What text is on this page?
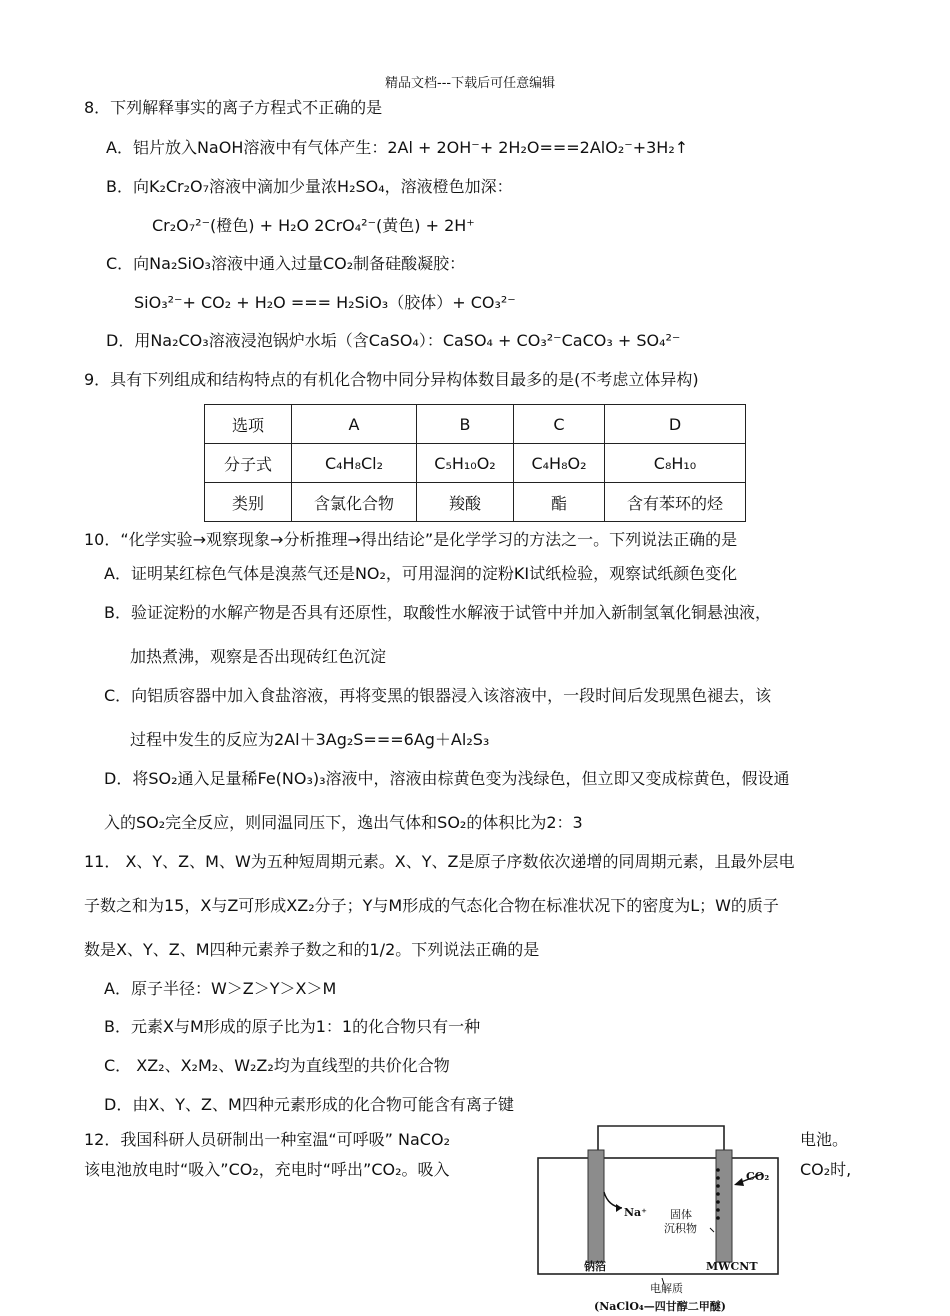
精品文档---下载后可任意编辑
8．下列解释事实的离子方程式不正确的是
A．铝片放入NaOH溶液中有气体产生：2Al + 2OH⁻+ 2H₂O===2AlO₂⁻+3H₂↑
B．向K₂Cr₂O₇溶液中滴加少量浓H₂SO₄，溶液橙色加深：
Cr₂O₇²⁻(橙色) + H₂O 2CrO₄²⁻(黄色) + 2H⁺
C．向Na₂SiO₃溶液中通入过量CO₂制备硅酸凝胶：
SiO₃²⁻+ CO₂ + H₂O === H₂SiO₃（胶体）+ CO₃²⁻
D．用Na₂CO₃溶液浸泡锅炉水垢（含CaSO₄）：CaSO₄ + CO₃²⁻CaCO₃ + SO₄²⁻
9．具有下列组成和结构特点的有机化合物中同分异构体数目最多的是(不考虑立体异构)
选项	A	B	C	D
分子式	C₄H₈Cl₂	C₅H₁₀O₂	C₄H₈O₂	C₈H₁₀
类别	含氯化合物	羧酸	酯	含有苯环的烃
10．“化学实验→观察现象→分析推理→得出结论”是化学学习的方法之一。下列说法正确的是
A．证明某红棕色气体是溴蒸气还是NO₂，可用湿润的淀粉KI试纸检验，观察试纸颜色变化
B．验证淀粉的水解产物是否具有还原性，取酸性水解液于试管中并加入新制氢氧化铜悬浊液，
加热煮沸，观察是否出现砖红色沉淀
C．向铝质容器中加入食盐溶液，再将变黑的银器浸入该溶液中，一段时间后发现黑色褪去，该
过程中发生的反应为2Al＋3Ag₂S===6Ag＋Al₂S₃
D．将SO₂通入足量稀Fe(NO₃)₃溶液中，溶液由棕黄色变为浅绿色，但立即又变成棕黄色，假设通
入的SO₂完全反应，则同温同压下，逸出气体和SO₂的体积比为2：3
11． X、Y、Z、M、W为五种短周期元素。X、Y、Z是原子序数依次递增的同周期元素，且最外层电
子数之和为15，X与Z可形成XZ₂分子；Y与M形成的气态化合物在标准状况下的密度为L；W的质子
数是X、Y、Z、M四种元素养子数之和的1/2。下列说法正确的是
A．原子半径：W＞Z＞Y＞X＞M
B．元素X与M形成的原子比为1：1的化合物只有一种
C． XZ₂、X₂M₂、W₂Z₂均为直线型的共价化合物
D．由X、Y、Z、M四种元素形成的化合物可能含有离子键
12．我国科研人员研制出一种室温“可呼吸” NaCO₂	电池。
该电池放电时“吸入”CO₂，充电时“呼出”CO₂。吸入	CO₂时,
Na⁺
CO₂
固体
沉积物
钠箔	MWCNT
电解质
(NaClO₄—四甘醇二甲醚)
